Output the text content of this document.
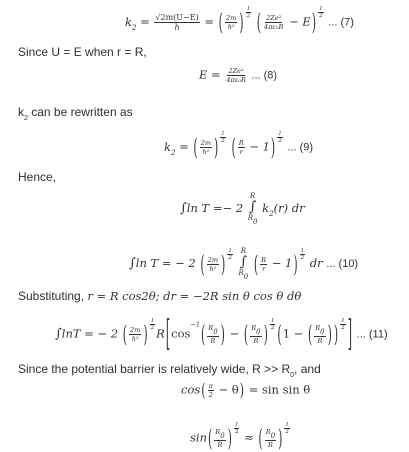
$k_2 = \frac{√2m(U-E)}{h}$ = ( $\frac{2m}{\text{h²}}$ ) $^{\frac{1}{2}}$ ( $\frac{\text{2Ze²}}{\text{4πε₀R}} - E$) $^{\frac{1}{2}}$
... (7)
Since U = E when r = R,
$E = \frac{\text{2Ze²}}{\text{4πε₀R}}$ ... (8)
$k_2$ can be rewritten as
$k_2$ = ( $\frac{2m}{\text{h²}}$ ) $^{\frac{1}{2}}$ ( $\frac{R}{r} - 1$) $^{\frac{1}{2}}$
... (9)
Hence,
∫ln T =− 2
R
∫
R0
$k_2(r)$ dr
∫ln T = − 2 ( $\frac{2m}{\text{h²}}$ ) $^{\frac{1}{2}}$
R
∫
R0 ( $\frac{R}{r} - 1$) $^{\frac{1}{2}}$
dr ... (10)
Substituting, r = R cos2θ; dr = −2R sin θ cos θ dθ
∫lnT = − 2 ( $\frac{2m}{\text{h²}}$ ) $^{\frac{1}{2}}$
$R[\cos^{-1}( \frac{R0}{R}$ ) − ( $\frac{R0}{R}$ ) $^{\frac{1}{2}}$ (1 − ( $\frac{R0}{R}$ ) ) $^{\frac{1}{2}}$ ] ... (11)
Since the potential barrier is relatively wide, $R >> R_0$, and
$\cos( \frac{\pi}{2} - \theta) = \sin \sin \theta$
$\sin( \frac{R0}{R}$ ) $^{\frac{1}{2}}$
≈ ( $\frac{R0}{R}$ ) $^{\frac{1}{2}}$
